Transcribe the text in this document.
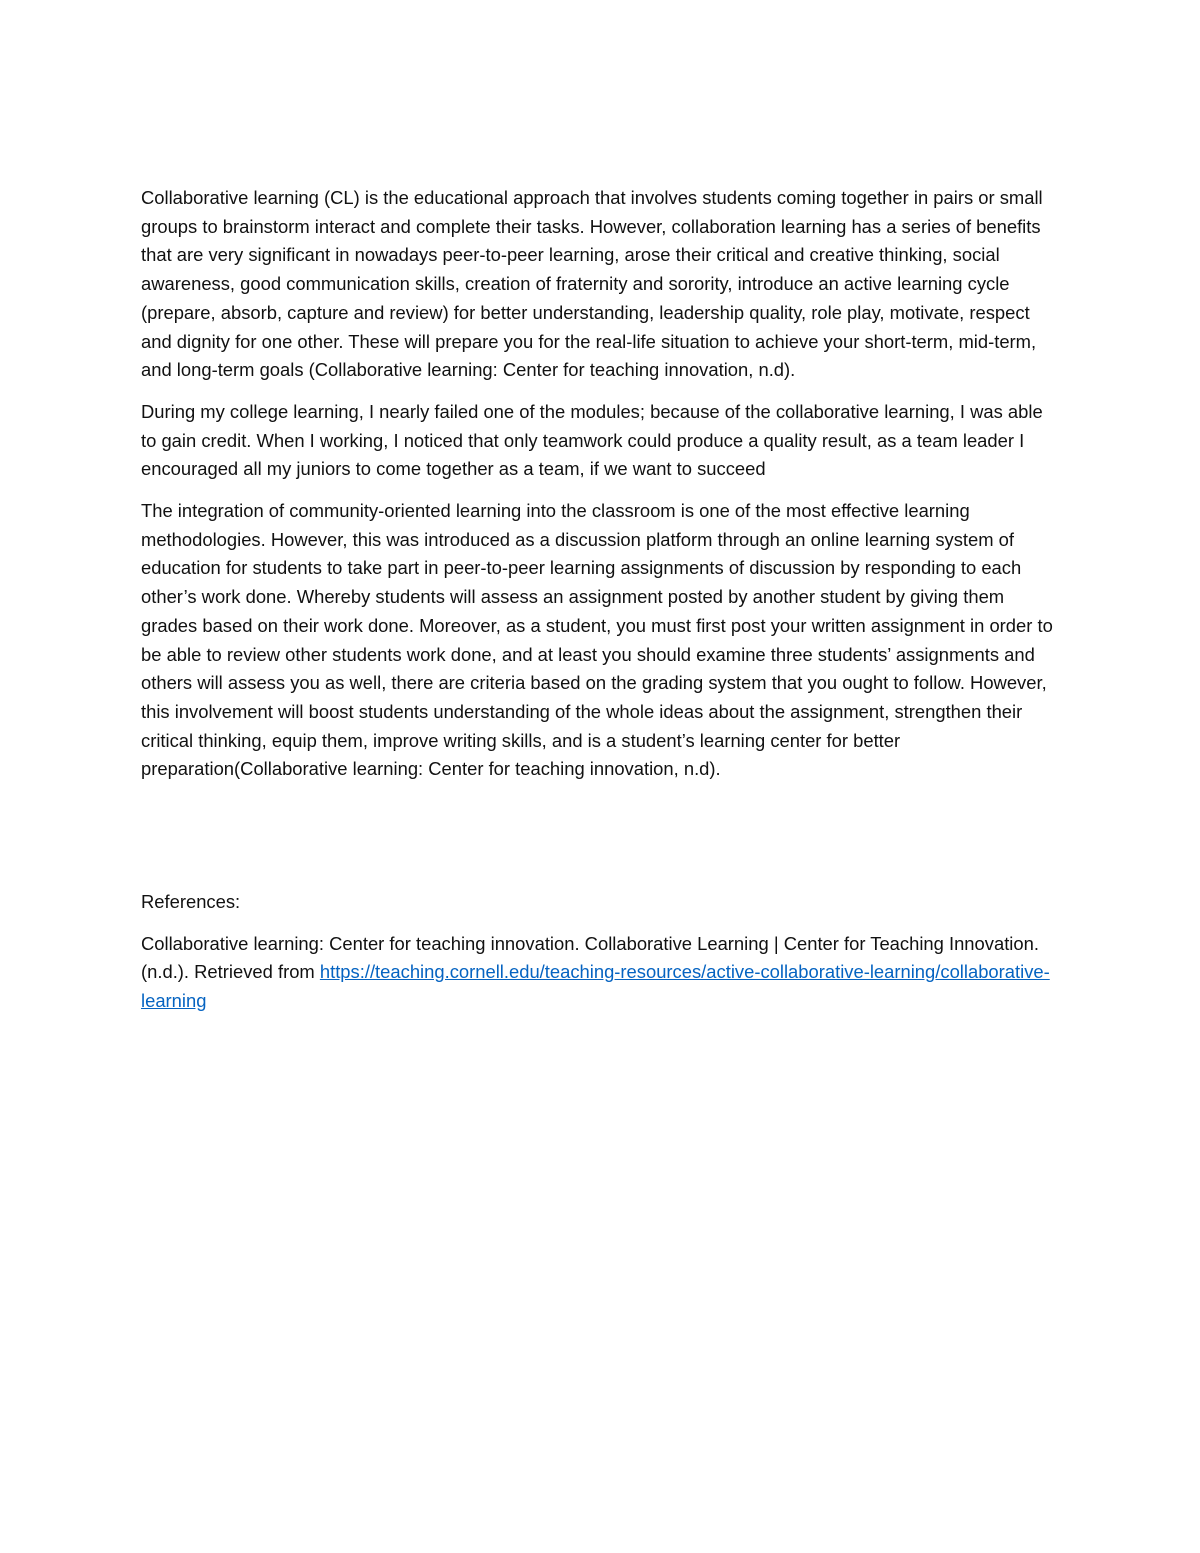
Collaborative learning (CL) is the educational approach that involves students coming together in pairs or small groups to brainstorm interact and complete their tasks. However, collaboration learning has a series of benefits that are very significant in nowadays peer-to-peer learning, arose their critical and creative thinking, social awareness, good communication skills, creation of fraternity and sorority, introduce an active learning cycle (prepare, absorb, capture and review) for better understanding, leadership quality, role play, motivate, respect and dignity for one other. These will prepare you for the real-life situation to achieve your short-term, mid-term, and long-term goals (Collaborative learning: Center for teaching innovation, n.d).

During my college learning, I nearly failed one of the modules; because of the collaborative learning, I was able to gain credit. When I working, I noticed that only teamwork could produce a quality result, as a team leader I encouraged all my juniors to come together as a team, if we want to succeed

The integration of community-oriented learning into the classroom is one of the most effective learning methodologies. However, this was introduced as a discussion platform through an online learning system of education for students to take part in peer-to-peer learning assignments of discussion by responding to each other’s work done. Whereby students will assess an assignment posted by another student by giving them grades based on their work done. Moreover, as a student, you must first post your written assignment in order to be able to review other students work done, and at least you should examine three students’ assignments and others will assess you as well, there are criteria based on the grading system that you ought to follow. However, this involvement will boost students understanding of the whole ideas about the assignment, strengthen their critical thinking, equip them, improve writing skills, and is a student’s learning center for better preparation(Collaborative learning: Center for teaching innovation, n.d).

References:

Collaborative learning: Center for teaching innovation. Collaborative Learning | Center for Teaching Innovation. (n.d.). Retrieved from https://teaching.cornell.edu/teaching-resources/active-collaborative-learning/collaborative-learning
